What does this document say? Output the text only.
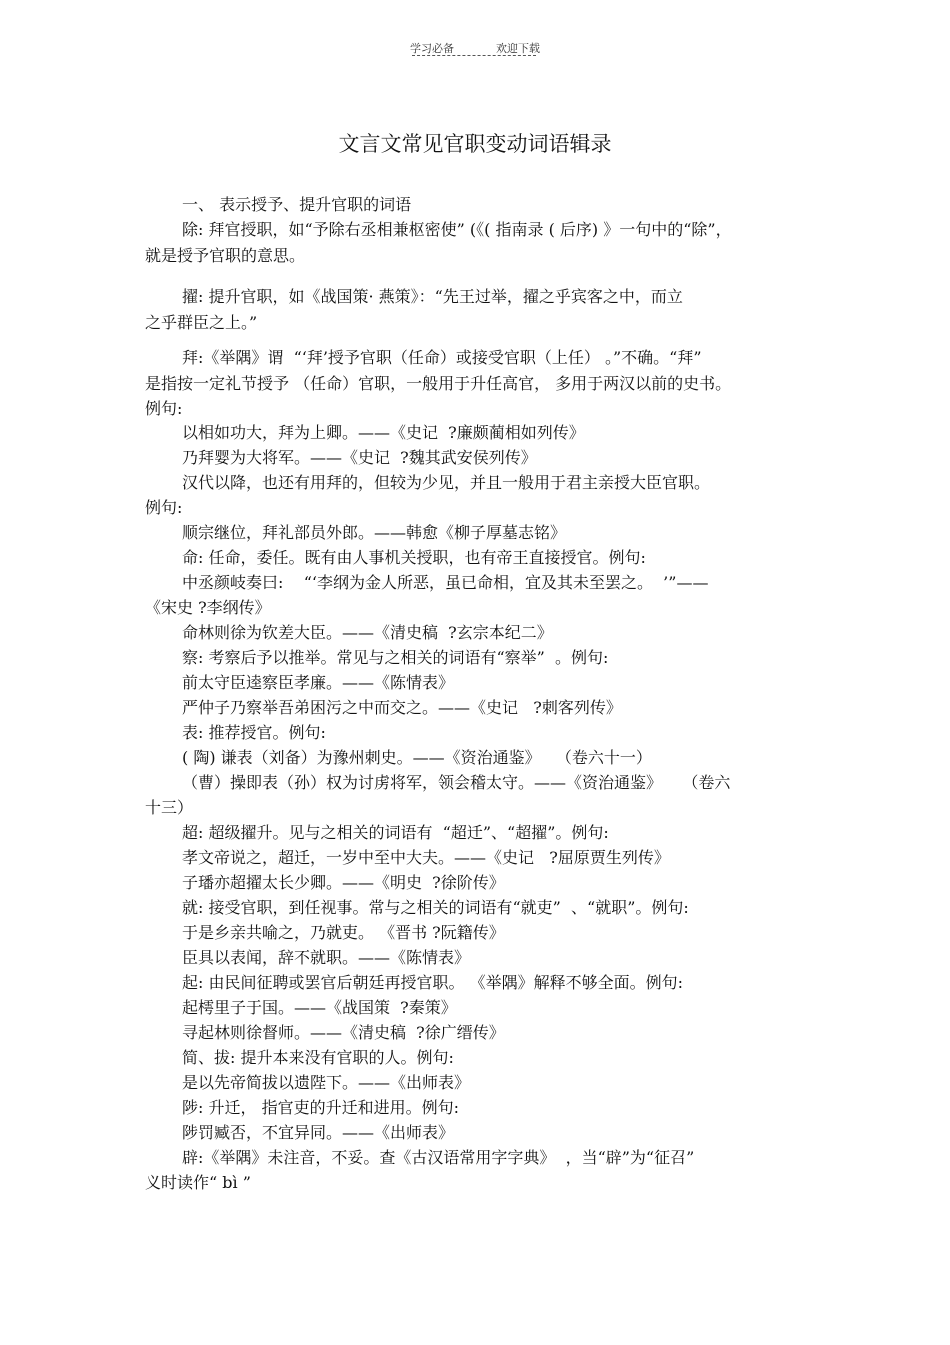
学习必备	欢迎下载
文言文常见官职变动词语辑录
一、 表示授予、提升官职的词语
除: 拜官授职，如“予除右丞相兼枢密使” (《( 指南录 ( 后序) 》一句中的“除”，
就是授予官职的意思。
擢: 提升官职，如《战国策· 燕策》：“先王过举，擢之乎宾客之中，而立
之乎群臣之上。”
拜:《举隅》谓  “‘拜’授予官职（任命）或接受官职（上任） 。”不确。“拜”
是指按一定礼节授予 （任命）官职，一般用于升任高官， 多用于两汉以前的史书。
例句:
以相如功大，拜为上卿。——《史记  ?廉颇蔺相如列传》
乃拜婴为大将军。——《史记  ?魏其武安侯列传》
汉代以降，也还有用拜的，但较为少见，并且一般用于君主亲授大臣官职。
例句:
顺宗继位，拜礼部员外郎。——韩愈《柳子厚墓志铭》
命: 任命，委任。既有由人事机关授职，也有帝王直接授官。例句:
中丞颜岐奏曰:    “‘李纲为金人所恶，虽已命相，宜及其未至罢之。  ’”——
《宋史 ?李纲传》
命林则徐为钦差大臣。——《清史稿  ?玄宗本纪二》
察: 考察后予以推举。常见与之相关的词语有“察举”  。例句:
前太守臣逵察臣孝廉。——《陈情表》
严仲子乃察举吾弟困污之中而交之。——《史记   ?刺客列传》
表: 推荐授官。例句:
( 陶) 谦表（刘备）为豫州刺史。——《资治通鉴》   （卷六十一）
（曹）操即表（孙）权为讨虏将军，领会稽太守。——《资治通鉴》    （卷六
十三）
超: 超级擢升。见与之相关的词语有  “超迁”、“超擢”。例句:
孝文帝说之，超迁，一岁中至中大夫。——《史记   ?屈原贾生列传》
子璠亦超擢太长少卿。——《明史  ?徐阶传》
就: 接受官职，到任视事。常与之相关的词语有“就吏”  、“就职”。例句:
于是乡亲共喻之，乃就吏。 《晋书 ?阮籍传》
臣具以表闻，辞不就职。——《陈情表》
起: 由民间征聘或罢官后朝廷再授官职。 《举隅》解释不够全面。例句:
起樗里子于国。——《战国策  ?秦策》
寻起林则徐督师。——《清史稿  ?徐广缙传》
简、拔: 提升本来没有官职的人。例句:
是以先帝简拔以遗陛下。——《出师表》
陟: 升迁， 指官吏的升迁和进用。例句:
陟罚臧否，不宜异同。——《出师表》
辟:《举隅》未注音，不妥。查《古汉语常用字字典》  ，当“辟”为“征召”
义时读作“ bì ”
